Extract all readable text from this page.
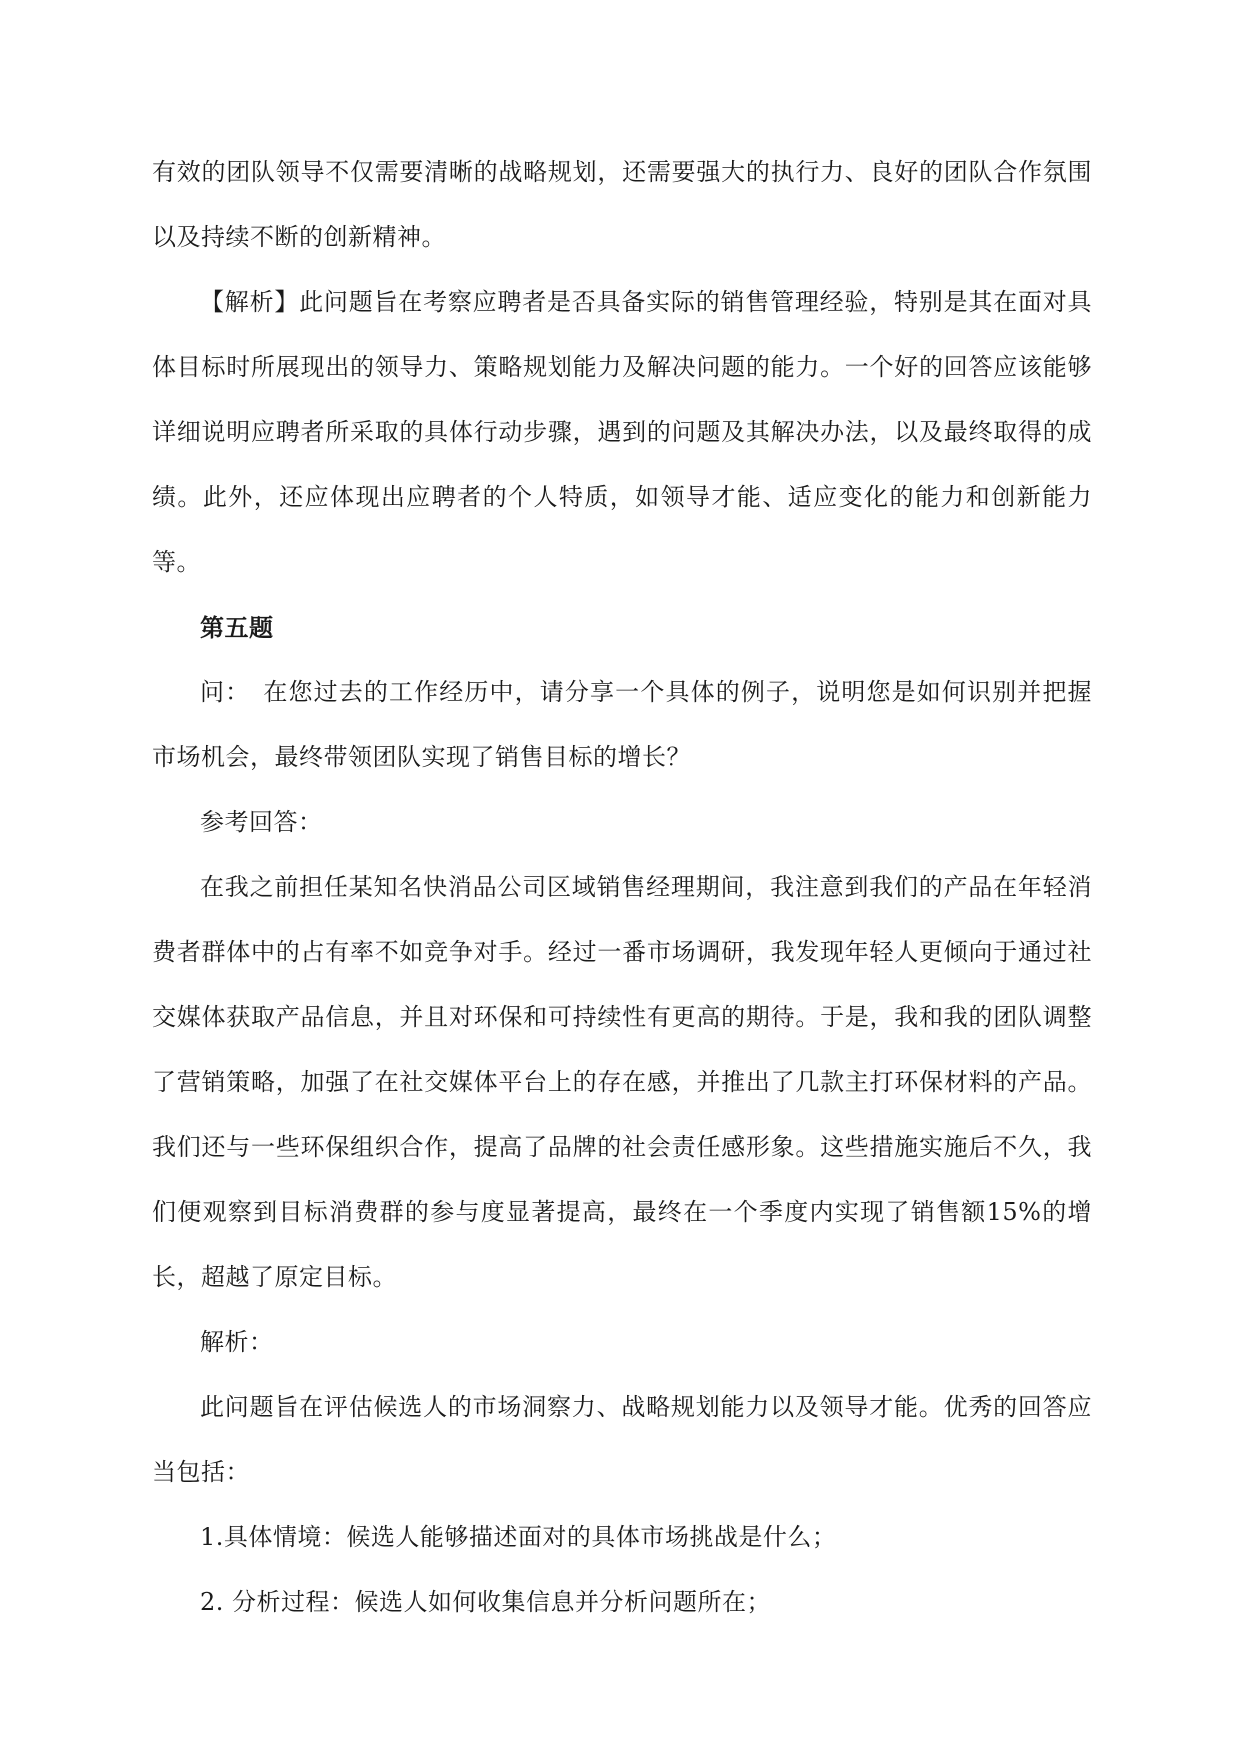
有效的团队领导不仅需要清晰的战略规划，还需要强大的执行力、良好的团队合作氛围以及持续不断的创新精神。

【解析】此问题旨在考察应聘者是否具备实际的销售管理经验，特别是其在面对具体目标时所展现出的领导力、策略规划能力及解决问题的能力。一个好的回答应该能够详细说明应聘者所采取的具体行动步骤，遇到的问题及其解决办法，以及最终取得的成绩。此外，还应体现出应聘者的个人特质，如领导才能、适应变化的能力和创新能力等。

第五题

问：　在您过去的工作经历中，请分享一个具体的例子，说明您是如何识别并把握市场机会，最终带领团队实现了销售目标的增长？

参考回答：

在我之前担任某知名快消品公司区域销售经理期间，我注意到我们的产品在年轻消费者群体中的占有率不如竞争对手。经过一番市场调研，我发现年轻人更倾向于通过社交媒体获取产品信息，并且对环保和可持续性有更高的期待。于是，我和我的团队调整了营销策略，加强了在社交媒体平台上的存在感，并推出了几款主打环保材料的产品。我们还与一些环保组织合作，提高了品牌的社会责任感形象。这些措施实施后不久，我们便观察到目标消费群的参与度显著提高，最终在一个季度内实现了销售额15%的增长，超越了原定目标。

解析：

此问题旨在评估候选人的市场洞察力、战略规划能力以及领导才能。优秀的回答应当包括：

1.具体情境：候选人能够描述面对的具体市场挑战是什么；

2. 分析过程：候选人如何收集信息并分析问题所在；
